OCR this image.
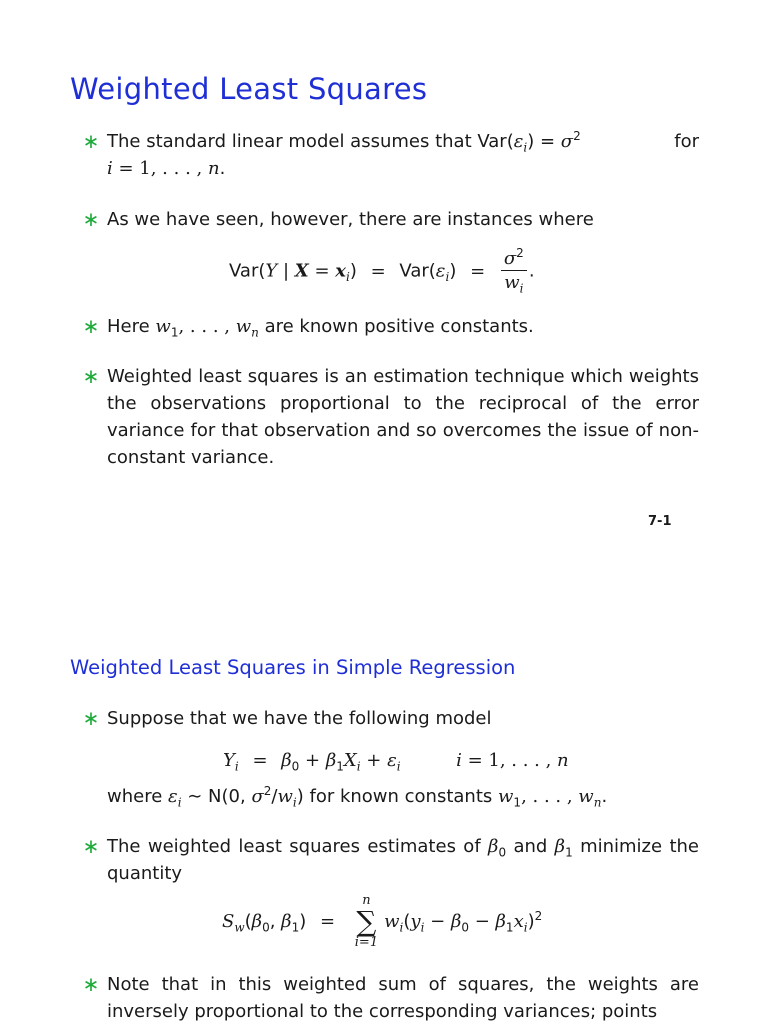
Weighted Least Squares
∗ The standard linear model assumes that $Var(\varepsilon_i) = \sigma^2$	for
i = 1, . . . , n.

∗ As we have seen, however, there are instances where

Var(Y | $X = x_i) = Var(\varepsilon_i) = \frac{\sigma^2}{w_i}$ .
∗ Here $w_1$, . . . , $w_n$ are known positive constants.

∗ Weighted least squares is an estimation technique which weights the observations proportional to the reciprocal of the error variance for that observation and so overcomes the issue of non-constant variance.

7-1
Weighted Least Squares in Simple Regression
∗ Suppose that we have the following model

$Y_i = \beta_0 + \beta_1X_i + \varepsilon_i$	i = 1, . . . , n

where $\varepsilon_i$ ∼ N(0, $\sigma^2/w_i$) for known constants $w_1$, . . . , $w_n$.

∗ The weighted least squares estimates of $\beta_0$ and $\beta_1$ minimize the quantity

$S_w(\beta_0$, $\beta_1$) =
n
∑
i=1
$w_i(y_i - \beta_0 - \beta_1x_i)^2$
∗ Note that in this weighted sum of squares, the weights are inversely proportional to the corresponding variances; points
